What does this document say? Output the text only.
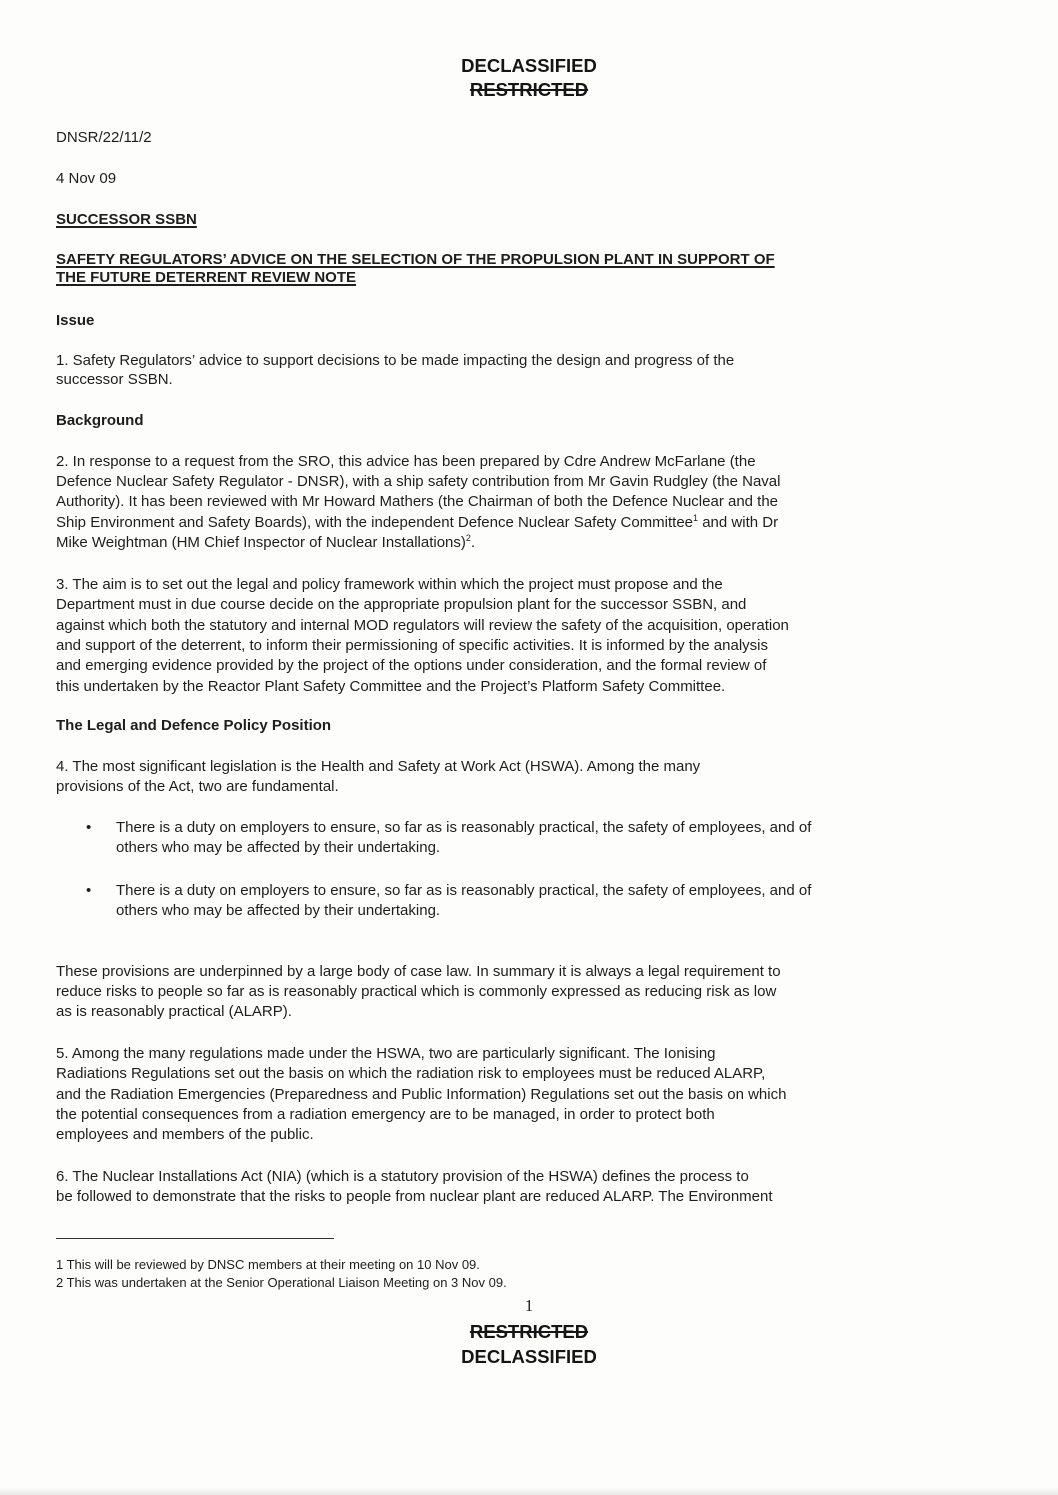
DECLASSIFIED
RESTRICTED
DNSR/22/11/2
4 Nov 09
SUCCESSOR SSBN
SAFETY REGULATORS’ ADVICE ON THE SELECTION OF THE PROPULSION PLANT IN SUPPORT OF
THE FUTURE DETERRENT REVIEW NOTE
Issue
1. Safety Regulators’ advice to support decisions to be made impacting the design and progress of the
successor SSBN.
Background
2. In response to a request from the SRO, this advice has been prepared by Cdre Andrew McFarlane (the
Defence Nuclear Safety Regulator - DNSR), with a ship safety contribution from Mr Gavin Rudgley (the Naval
Authority). It has been reviewed with Mr Howard Mathers (the Chairman of both the Defence Nuclear and the
Ship Environment and Safety Boards), with the independent Defence Nuclear Safety Committee$^1$ and with Dr
Mike Weightman (HM Chief Inspector of Nuclear Installations)$^2$.
3. The aim is to set out the legal and policy framework within which the project must propose and the
Department must in due course decide on the appropriate propulsion plant for the successor SSBN, and
against which both the statutory and internal MOD regulators will review the safety of the acquisition, operation
and support of the deterrent, to inform their permissioning of specific activities. It is informed by the analysis
and emerging evidence provided by the project of the options under consideration, and the formal review of
this undertaken by the Reactor Plant Safety Committee and the Project’s Platform Safety Committee.
The Legal and Defence Policy Position
4. The most significant legislation is the Health and Safety at Work Act (HSWA). Among the many
provisions of the Act, two are fundamental.
•	There is a duty on employers to ensure, so far as is reasonably practical, the safety of employees, and of
others who may be affected by their undertaking.
•	There is a duty on employers to ensure, so far as is reasonably practical, the safety of employees, and of
others who may be affected by their undertaking.
These provisions are underpinned by a large body of case law. In summary it is always a legal requirement to
reduce risks to people so far as is reasonably practical which is commonly expressed as reducing risk as low
as is reasonably practical (ALARP).
5. Among the many regulations made under the HSWA, two are particularly significant. The Ionising
Radiations Regulations set out the basis on which the radiation risk to employees must be reduced ALARP,
and the Radiation Emergencies (Preparedness and Public Information) Regulations set out the basis on which
the potential consequences from a radiation emergency are to be managed, in order to protect both
employees and members of the public.
6. The Nuclear Installations Act (NIA) (which is a statutory provision of the HSWA) defines the process to
be followed to demonstrate that the risks to people from nuclear plant are reduced ALARP. The Environment
1 This will be reviewed by DNSC members at their meeting on 10 Nov 09.
2 This was undertaken at the Senior Operational Liaison Meeting on 3 Nov 09.
1
RESTRICTED
DECLASSIFIED
